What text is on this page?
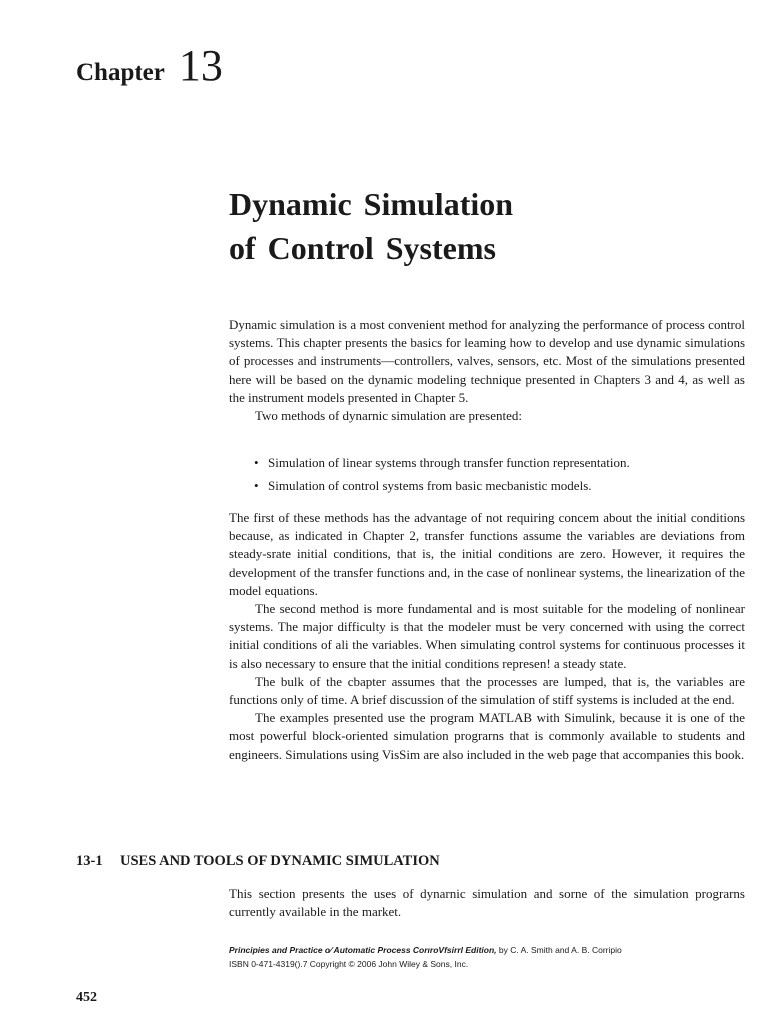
Chapter 13
Dynamic Simulation
of Control Systems

Dynamic simulation is a most convenient method for analyzing the performance of process control systems. This chapter presents the basics for leaming how to develop and use dynamic simulations of processes and instruments—controllers, valves, sensors, etc. Most of the simulations presented here will be based on the dynamic modeling technique presented in Chapters 3 and 4, as well as the instrument models presented in Chapter 5.

Two methods of dynarnic simulation are presented:

• Simulation of linear systems through transfer function representation.
• Simulation of control systems from basic mecbanistic models.

The first of these methods has the advantage of not requiring concem about the initial conditions because, as indicated in Chapter 2, transfer functions assume the variables are deviations from steady-srate initial conditions, that is, the initial conditions are zero. However, it requires the development of the transfer functions and, in the case of nonlinear systems, the linearization of the model equations.

The second method is more fundamental and is most suitable for the modeling of nonlinear systems. The major difficulty is that the modeler must be very concerned with using the correct initial conditions of ali the variables. When simulating control systems for continuous processes it is also necessary to ensure that the initial conditions represen! a steady state.

The bulk of the cbapter assumes that the processes are lumped, that is, the variables are functions only of time. A brief discussion of the simulation of stiff systems is included at the end.

The examples presented use the program MATLAB with Simulink, because it is one of the most powerful block-oriented simulation prograrns that is commonly available to students and engineers. Simulations using VisSim are also included in the web page that accompanies this book.

13-1 USES AND TOOLS OF DYNAMIC SIMULATION

This section presents the uses of dynarnic simulation and sorne of the simulation prograrns currently available in the market.

Principies and Practice o⁄ Automatic Process CorıroVfsirrl Edition, by C. A. Smith and A. B. Corripio
ISBN 0-471-4319().7 Copyright © 2006 John Wiley & Sons, Inc.
452
